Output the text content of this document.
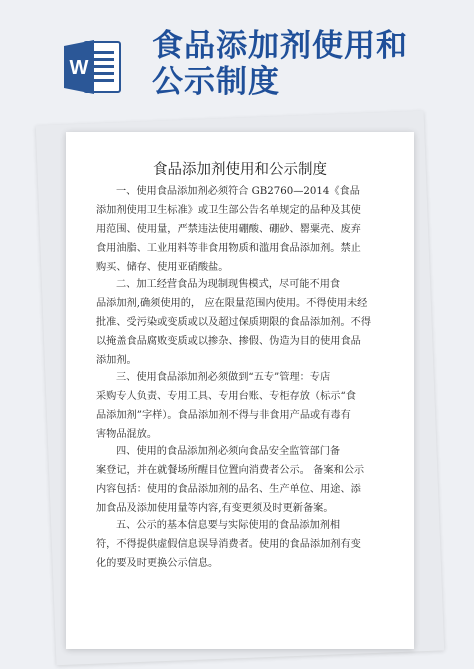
W
食品添加剂使用和
公示制度
食品添加剂使用和公示制度
一、使用食品添加剂必须符合 GB2760—2014《食品
添加剂使用卫生标准》或卫生部公告名单规定的品种及其使
用范围、使用量，严禁违法使用硼酸、硼砂、罂粟壳、废弃
食用油脂、工业用料等非食用物质和滥用食品添加剂。禁止
购买、储存、使用亚硝酸盐。
二、加工经营食品为现制现售模式，尽可能不用食
品添加剂,确须使用的， 应在限量范围内使用。不得使用未经
批准、受污染或变质或以及超过保质期限的食品添加剂。不得
以掩盖食品腐败变质或以掺杂、掺假、伪造为目的使用食品
添加剂。
三、使用食品添加剂必须做到“五专”管理：专店
采购专人负责、专用工具、专用台账、专柜存放（标示“食
品添加剂”字样）。食品添加剂不得与非食用产品或有毒有
害物品混放。
四、使用的食品添加剂必须向食品安全监管部门备
案登记，并在就餐场所醒目位置向消费者公示。 备案和公示
内容包括：使用的食品添加剂的品名、生产单位、用途、添
加食品及添加使用量等内容,有变更须及时更新备案。
五、公示的基本信息要与实际使用的食品添加剂相
符，不得提供虚假信息误导消费者。使用的食品添加剂有变
化的要及时更换公示信息。
